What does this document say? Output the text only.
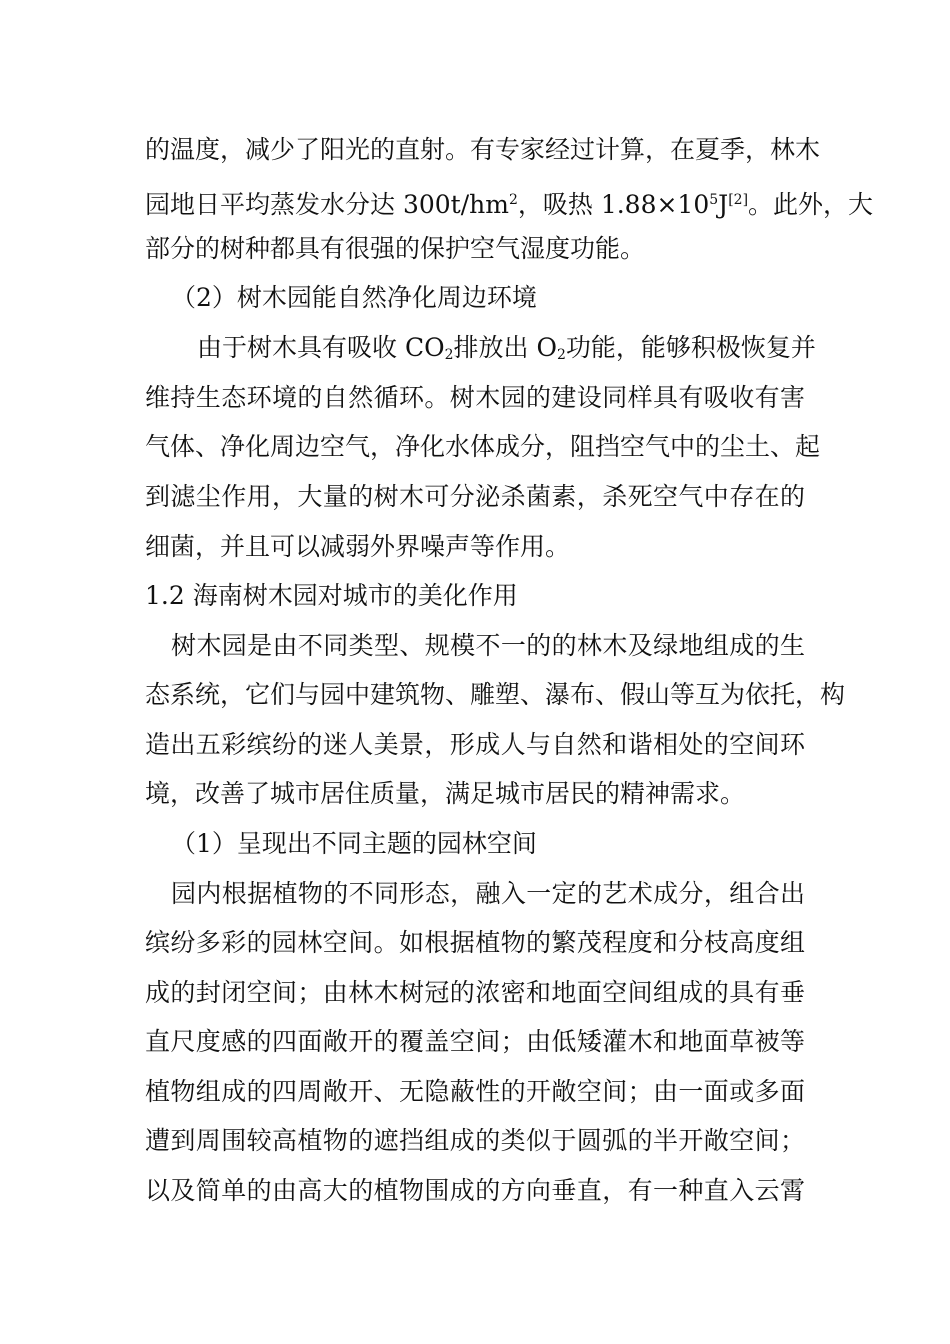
的温度，减少了阳光的直射。有专家经过计算，在夏季，林木
园地日平均蒸发水分达 $300t/hm^2$，吸热 $1.88\times 10^5J[2]$。此外，大
部分的树种都具有很强的保护空气湿度功能。
（2）树木园能自然净化周边环境
由于树木具有吸收 $CO_2$排放出 $O_2$功能，能够积极恢复并
维持生态环境的自然循环。树木园的建设同样具有吸收有害
气体、净化周边空气，净化水体成分，阻挡空气中的尘土、起
到滤尘作用，大量的树木可分泌杀菌素，杀死空气中存在的
细菌，并且可以减弱外界噪声等作用。
1.2 海南树木园对城市的美化作用
树木园是由不同类型、规模不一的的林木及绿地组成的生
态系统，它们与园中建筑物、雕塑、瀑布、假山等互为依托，构
造出五彩缤纷的迷人美景，形成人与自然和谐相处的空间环
境，改善了城市居住质量，满足城市居民的精神需求。
（1）呈现出不同主题的园林空间
园内根据植物的不同形态，融入一定的艺术成分，组合出
缤纷多彩的园林空间。如根据植物的繁茂程度和分枝高度组
成的封闭空间；由林木树冠的浓密和地面空间组成的具有垂
直尺度感的四面敞开的覆盖空间；由低矮灌木和地面草被等
植物组成的四周敞开、无隐蔽性的开敞空间；由一面或多面
遭到周围较高植物的遮挡组成的类似于圆弧的半开敞空间；
以及简单的由高大的植物围成的方向垂直，有一种直入云霄
